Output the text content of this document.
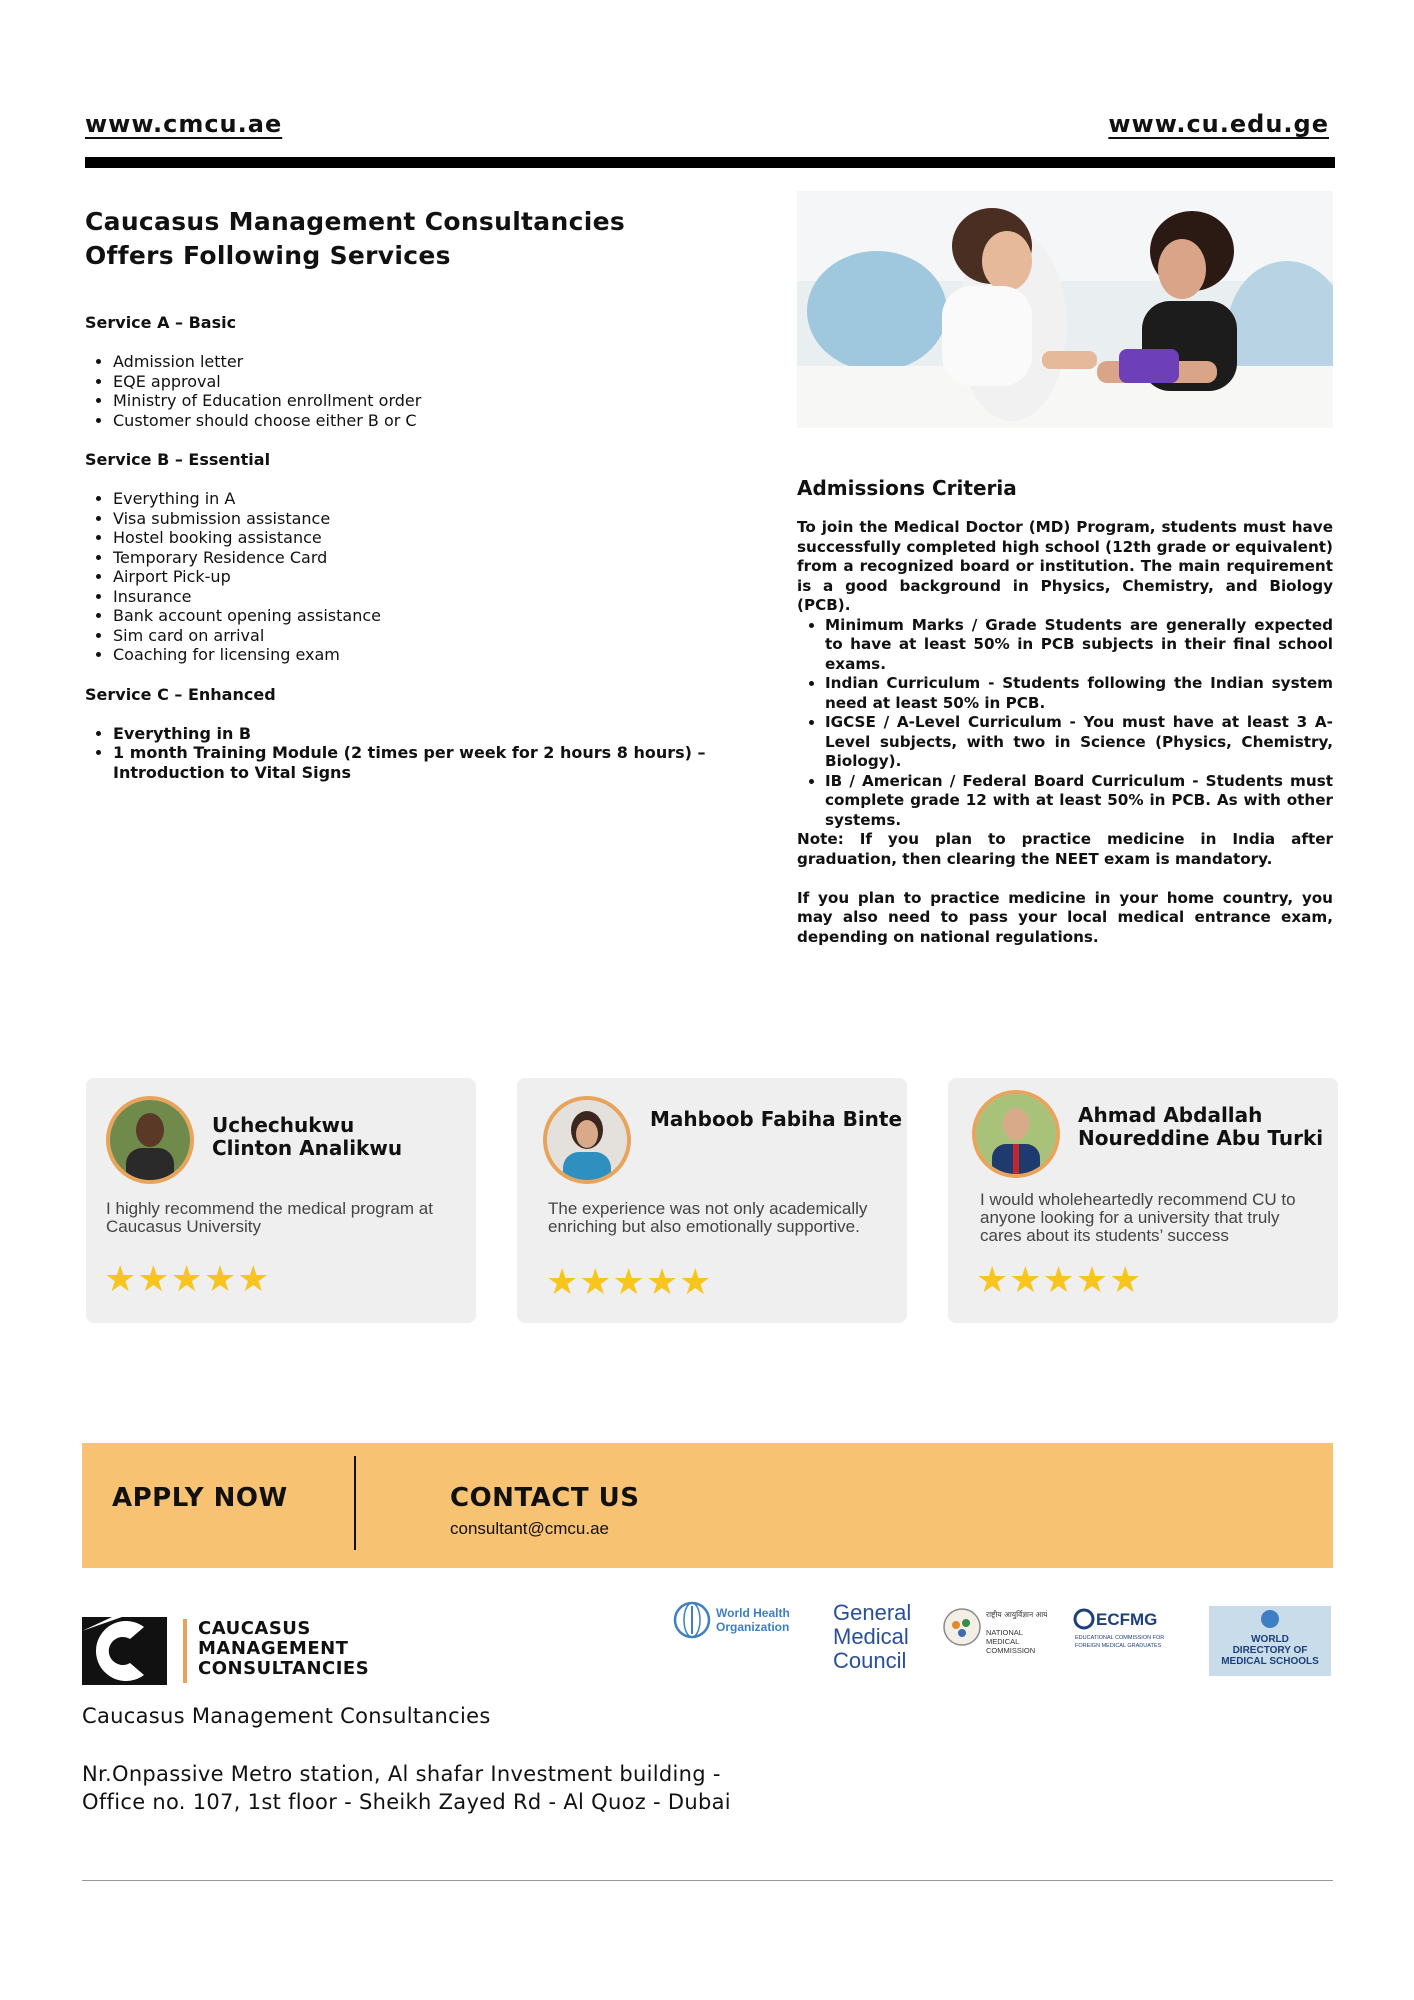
www.cmcu.ae	www.cu.edu.ge
Caucasus Management Consultancies
Offers Following Services
Service A – Basic
• Admission letter
• EQE approval
• Ministry of Education enrollment order
• Customer should choose either B or C
Service B – Essential
• Everything in A
• Visa submission assistance
• Hostel booking assistance
• Temporary Residence Card
• Airport Pick-up
• Insurance
• Bank account opening assistance
• Sim card on arrival
• Coaching for licensing exam
Service C – Enhanced
• Everything in B
• 1 month Training Module (2 times per week for 2 hours 8 hours) – Introduction to Vital Signs
Admissions Criteria

To join the Medical Doctor (MD) Program, students must have successfully completed high school (12th grade or equivalent) from a recognized board or institution. The main requirement is a good background in Physics, Chemistry, and Biology (PCB).

• Minimum Marks / Grade Students are generally expected to have at least 50% in PCB subjects in their final school exams.
• Indian Curriculum - Students following the Indian system need at least 50% in PCB.
• IGCSE / A-Level Curriculum - You must have at least 3 A-Level subjects, with two in Science (Physics, Chemistry, Biology).
• IB / American / Federal Board Curriculum - Students must complete grade 12 with at least 50% in PCB. As with other systems.

Note: If you plan to practice medicine in India after graduation, then clearing the NEET exam is mandatory.

If you plan to practice medicine in your home country, you may also need to pass your local medical entrance exam, depending on national regulations.

Uchechukwu
Clinton Analikwu
I highly recommend the medical program at Caucasus University
★★★★★
Mahboob Fabiha Binte

The experience was not only academically enriching but also emotionally supportive.
★★★★★
Ahmad Abdallah
Noureddine Abu Turki
I would wholeheartedly recommend CU to anyone looking for a university that truly cares about its students’ success
★★★★★
APPLY NOW	CONTACT US
consultant@cmcu.ae
CAUCASUS
MANAGEMENT
CONSULTANCIES
Caucasus Management Consultancies
Nr.Onpassive Metro station, Al shafar Investment building -
Office no. 107, 1st floor - Sheikh Zayed Rd - Al Quoz - Dubai
World Health
Organization
General
Medical
Council
राष्ट्रीय आयुर्विज्ञान आयोग
NATIONAL
MEDICAL
COMMISSION
ECFMG
EDUCATIONAL COMMISSION FOR
FOREIGN MEDICAL GRADUATES
WORLD
DIRECTORY OF
MEDICAL SCHOOLS
